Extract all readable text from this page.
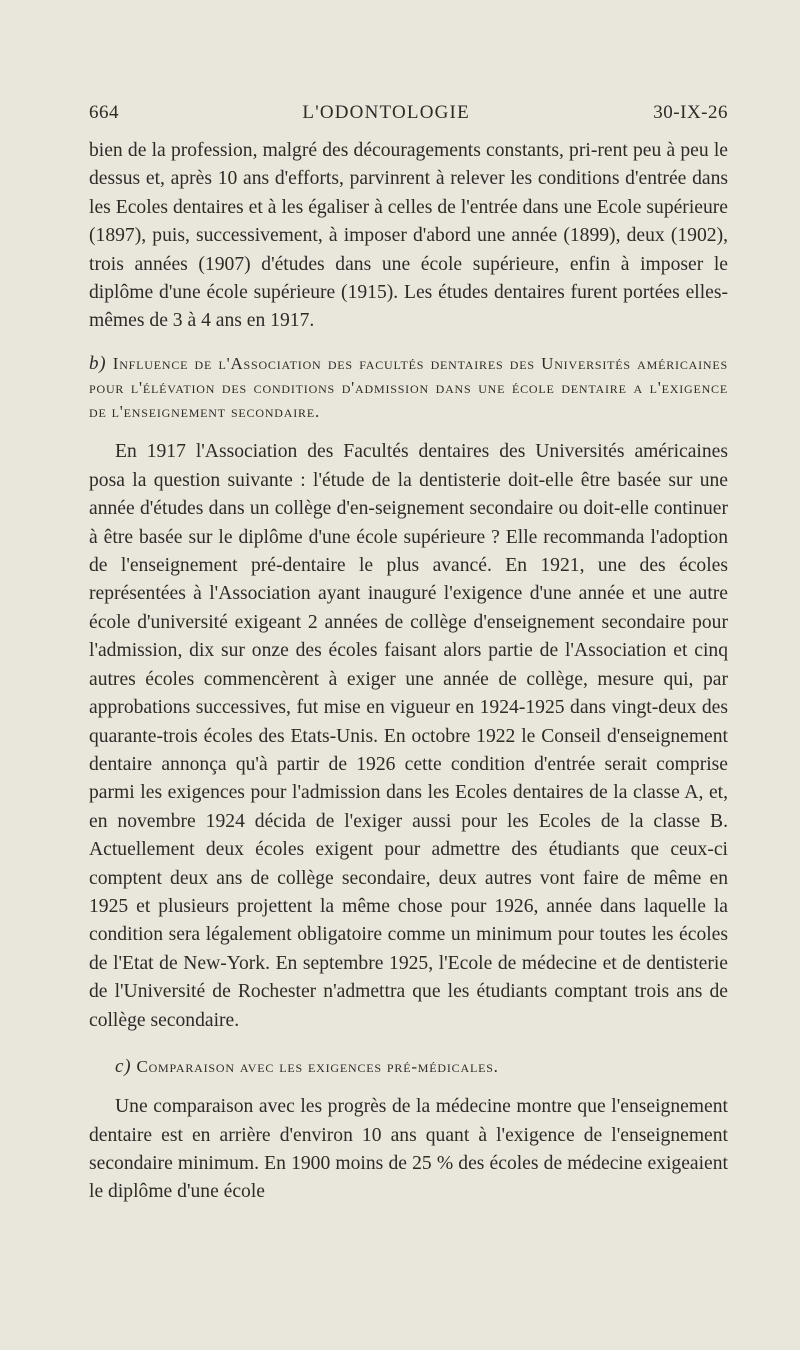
664	L'ODONTOLOGIE	30-IX-26

bien de la profession, malgré des découragements constants, pri-rent peu à peu le dessus et, après 10 ans d'efforts, parvinrent à relever les conditions d'entrée dans les Ecoles dentaires et à les égaliser à celles de l'entrée dans une Ecole supérieure (1897), puis, successivement, à imposer d'abord une année (1899), deux (1902), trois années (1907) d'études dans une école supérieure, enfin à imposer le diplôme d'une école supérieure (1915). Les études dentaires furent portées elles-mêmes de 3 à 4 ans en 1917.

b) Influence de l'Association des facultés dentaires des Universités américaines pour l'élévation des conditions d'admission dans une école dentaire a l'exigence de l'enseignement secondaire.

En 1917 l'Association des Facultés dentaires des Universités américaines posa la question suivante : l'étude de la dentisterie doit-elle être basée sur une année d'études dans un collège d'en-seignement secondaire ou doit-elle continuer à être basée sur le diplôme d'une école supérieure ? Elle recommanda l'adoption de l'enseignement pré-dentaire le plus avancé. En 1921, une des écoles représentées à l'Association ayant inauguré l'exigence d'une année et une autre école d'université exigeant 2 années de collège d'enseignement secondaire pour l'admission, dix sur onze des écoles faisant alors partie de l'Association et cinq autres écoles commencèrent à exiger une année de collège, mesure qui, par approbations successives, fut mise en vigueur en 1924-1925 dans vingt-deux des quarante-trois écoles des Etats-Unis. En octobre 1922 le Conseil d'enseignement dentaire annonça qu'à partir de 1926 cette condition d'entrée serait comprise parmi les exigences pour l'admission dans les Ecoles dentaires de la classe A, et, en novembre 1924 décida de l'exiger aussi pour les Ecoles de la classe B. Actuellement deux écoles exigent pour admettre des étudiants que ceux-ci comptent deux ans de collège secondaire, deux autres vont faire de même en 1925 et plusieurs projettent la même chose pour 1926, année dans laquelle la condition sera légalement obligatoire comme un minimum pour toutes les écoles de l'Etat de New-York. En septembre 1925, l'Ecole de médecine et de dentisterie de l'Université de Rochester n'admettra que les étudiants comptant trois ans de collège secondaire.

c) Comparaison avec les exigences pré-médicales.

Une comparaison avec les progrès de la médecine montre que l'enseignement dentaire est en arrière d'environ 10 ans quant à l'exigence de l'enseignement secondaire minimum. En 1900 moins de 25 % des écoles de médecine exigeaient le diplôme d'une école
